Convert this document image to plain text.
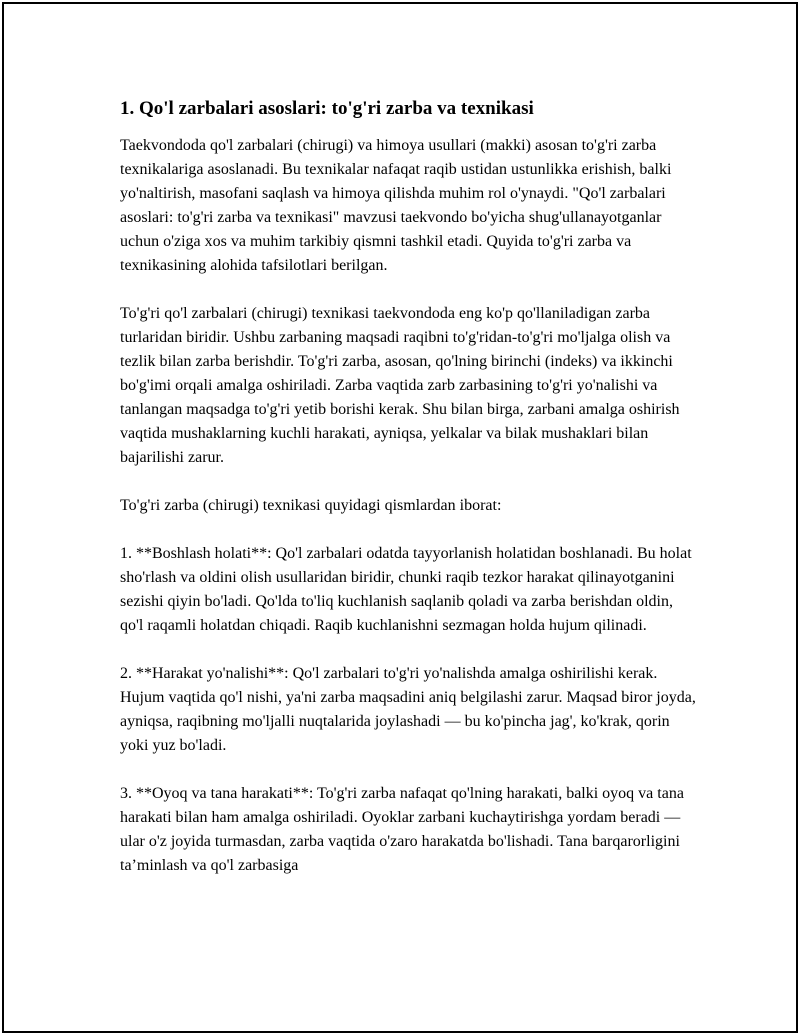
1. Qo'l zarbalari asoslari: to'g'ri zarba va texnikasi

Taekvondoda qo'l zarbalari (chirugi) va himoya usullari (makki) asosan to'g'ri zarba texnikalariga asoslanadi. Bu texnikalar nafaqat raqib ustidan ustunlikka erishish, balki yo'naltirish, masofani saqlash va himoya qilishda muhim rol o'ynaydi. "Qo'l zarbalari asoslari: to'g'ri zarba va texnikasi" mavzusi taekvondo bo'yicha shug'ullanayotganlar uchun o'ziga xos va muhim tarkibiy qismni tashkil etadi. Quyida to'g'ri zarba va texnikasining alohida tafsilotlari berilgan.

To'g'ri qo'l zarbalari (chirugi) texnikasi taekvondoda eng ko'p qo'llaniladigan zarba turlaridan biridir. Ushbu zarbaning maqsadi raqibni to'g'ridan-to'g'ri mo'ljalga olish va tezlik bilan zarba berishdir. To'g'ri zarba, asosan, qo'lning birinchi (indeks) va ikkinchi bo'g'imi orqali amalga oshiriladi. Zarba vaqtida zarb zarbasining to'g'ri yo'nalishi va tanlangan maqsadga to'g'ri yetib borishi kerak. Shu bilan birga, zarbani amalga oshirish vaqtida mushaklarning kuchli harakati, ayniqsa, yelkalar va bilak mushaklari bilan bajarilishi zarur.

To'g'ri zarba (chirugi) texnikasi quyidagi qismlardan iborat:

1. **Boshlash holati**: Qo'l zarbalari odatda tayyorlanish holatidan boshlanadi. Bu holat sho'rlash va oldini olish usullaridan biridir, chunki raqib tezkor harakat qilinayotganini sezishi qiyin bo'ladi. Qo'lda to'liq kuchlanish saqlanib qoladi va zarba berishdan oldin, qo'l raqamli holatdan chiqadi. Raqib kuchlanishni sezmagan holda hujum qilinadi.

2. **Harakat yo'nalishi**: Qo'l zarbalari to'g'ri yo'nalishda amalga oshirilishi kerak. Hujum vaqtida qo'l nishi, ya'ni zarba maqsadini aniq belgilashi zarur. Maqsad biror joyda, ayniqsa, raqibning mo'ljalli nuqtalarida joylashadi — bu ko'pincha jag', ko'krak, qorin yoki yuz bo'ladi.

3. **Oyoq va tana harakati**: To'g'ri zarba nafaqat qo'lning harakati, balki oyoq va tana harakati bilan ham amalga oshiriladi. Oyoklar zarbani kuchaytirishga yordam beradi — ular o'z joyida turmasdan, zarba vaqtida o'zaro harakatda bo'lishadi. Tana barqarorligini ta’minlash va qo'l zarbasiga
